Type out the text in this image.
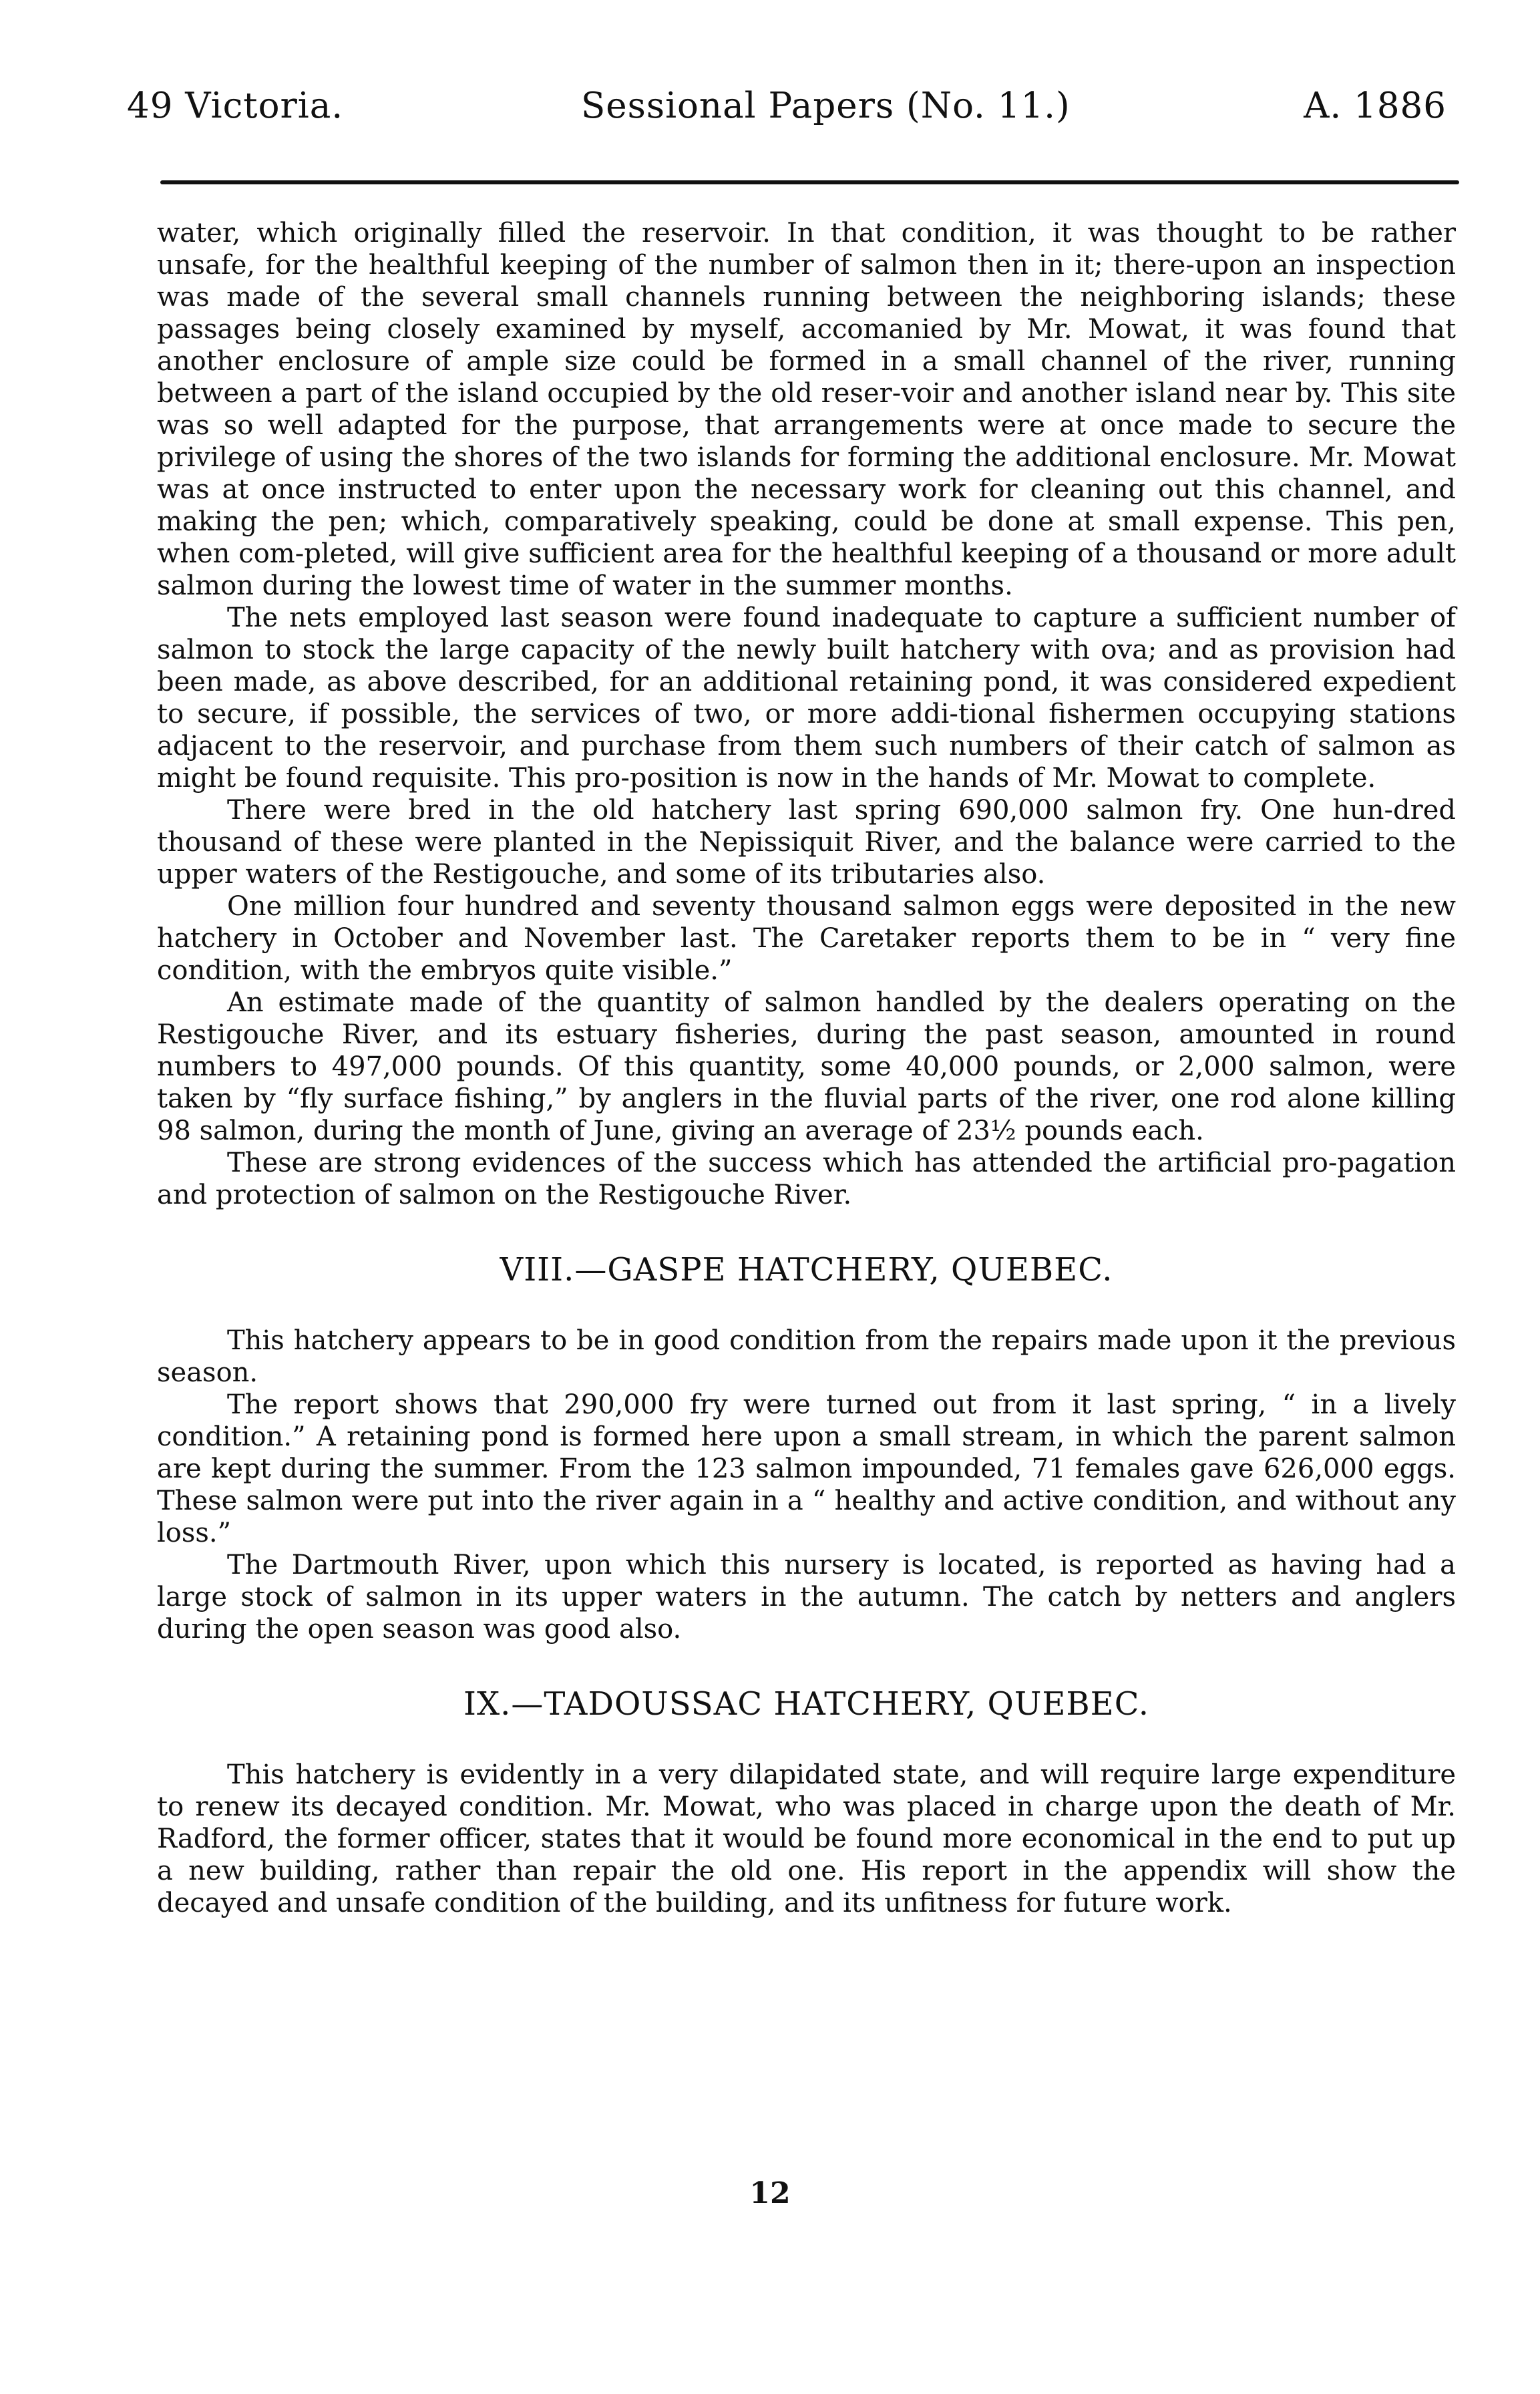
49 Victoria.	Sessional Papers (No. 11.)	A. 1886

water, which originally filled the reservoir. In that condition, it was thought to be rather unsafe, for the healthful keeping of the number of salmon then in it; there-upon an inspection was made of the several small channels running between the neighboring islands; these passages being closely examined by myself, accomanied by Mr. Mowat, it was found that another enclosure of ample size could be formed in a small channel of the river, running between a part of the island occupied by the old reser-voir and another island near by. This site was so well adapted for the purpose, that arrangements were at once made to secure the privilege of using the shores of the two islands for forming the additional enclosure. Mr. Mowat was at once instructed to enter upon the necessary work for cleaning out this channel, and making the pen; which, comparatively speaking, could be done at small expense. This pen, when com-pleted, will give sufficient area for the healthful keeping of a thousand or more adult salmon during the lowest time of water in the summer months.

The nets employed last season were found inadequate to capture a sufficient number of salmon to stock the large capacity of the newly built hatchery with ova; and as provision had been made, as above described, for an additional retaining pond, it was considered expedient to secure, if possible, the services of two, or more addi-tional fishermen occupying stations adjacent to the reservoir, and purchase from them such numbers of their catch of salmon as might be found requisite. This pro-position is now in the hands of Mr. Mowat to complete.

There were bred in the old hatchery last spring 690,000 salmon fry. One hun-dred thousand of these were planted in the Nepissiquit River, and the balance were carried to the upper waters of the Restigouche, and some of its tributaries also.

One million four hundred and seventy thousand salmon eggs were deposited in the new hatchery in October and November last. The Caretaker reports them to be in “ very fine condition, with the embryos quite visible.”

An estimate made of the quantity of salmon handled by the dealers operating on the Restigouche River, and its estuary fisheries, during the past season, amounted in round numbers to 497,000 pounds. Of this quantity, some 40,000 pounds, or 2,000 salmon, were taken by “fly surface fishing,” by anglers in the fluvial parts of the river, one rod alone killing 98 salmon, during the month of June, giving an average of 23½ pounds each.

These are strong evidences of the success which has attended the artificial pro-pagation and protection of salmon on the Restigouche River.

VIII.—GASPE HATCHERY, QUEBEC.

This hatchery appears to be in good condition from the repairs made upon it the previous season.

The report shows that 290,000 fry were turned out from it last spring, “ in a lively condition.” A retaining pond is formed here upon a small stream, in which the parent salmon are kept during the summer. From the 123 salmon impounded, 71 females gave 626,000 eggs. These salmon were put into the river again in a “ healthy and active condition, and without any loss.”

The Dartmouth River, upon which this nursery is located, is reported as having had a large stock of salmon in its upper waters in the autumn. The catch by netters and anglers during the open season was good also.

IX.—TADOUSSAC HATCHERY, QUEBEC.

This hatchery is evidently in a very dilapidated state, and will require large expenditure to renew its decayed condition. Mr. Mowat, who was placed in charge upon the death of Mr. Radford, the former officer, states that it would be found more economical in the end to put up a new building, rather than repair the old one. His report in the appendix will show the decayed and unsafe condition of the building, and its unfitness for future work.

12
